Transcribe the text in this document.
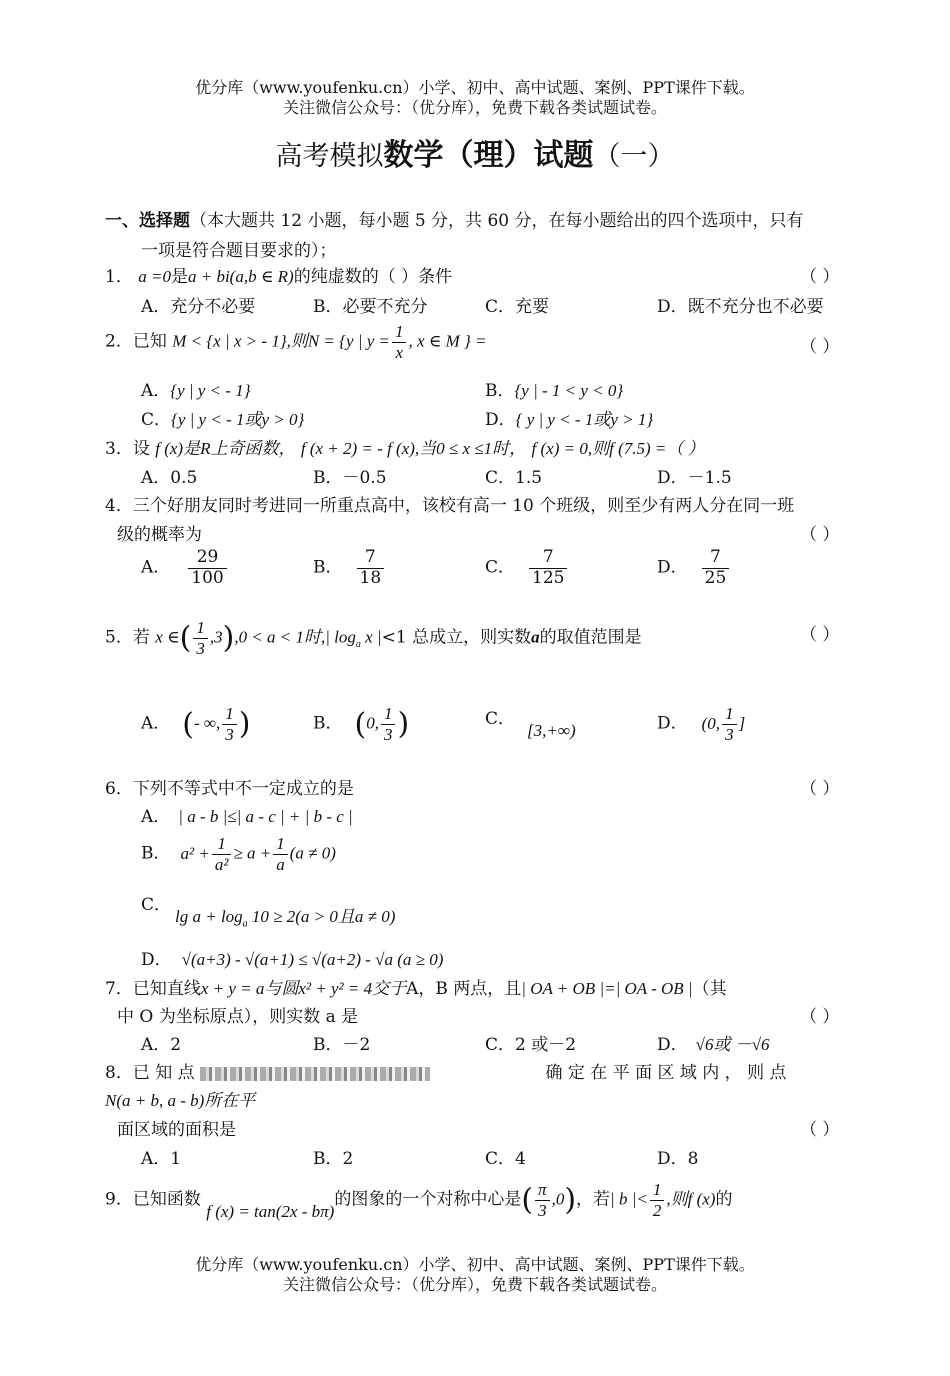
优分库（www.youfenku.cn）小学、初中、高中试题、案例、PPT课件下载。
关注微信公众号：（优分库），免费下载各类试题试卷。
高考模拟数学（理）试题（一）
一、选择题（本大题共 12 小题，每小题 5 分，共 60 分，在每小题给出的四个选项中，只有
一项是符合题目要求的）；
1． a =0是a + bi(a,b ∈ R)的纯虚数的（ ）条件	（ ）
A．充分不必要	B．必要不充分	C．充要	D．既不充分也不必要
2．已知 M < {x | x > - 1},则N = {y | $y = \frac{1}{x}$ , x ∈ M } =	（ ）
A．{y | y < - 1}	B．{y | - 1 < y < 0}
C．{y | y < - 1或y > 0}	D．{ y | y < - 1或y > 1}
3．设 f (x)是R上奇函数， f (x + 2) = - f (x),当0 ≤ x ≤1时， f (x) = 0,则f (7.5) =（ ）
A．0.5	B．－0.5	C．1.5	D．－1.5
4．三个好朋友同时考进同一所重点高中，该校有高一 10 个班级，则至少有两人分在同一班
级的概率为	（ ）
A． $\frac{29}{100}$	B． $\frac{7}{18}$	C． $\frac{7}{125}$	D． $\frac{7}{25}$
5．若 x ∈( $\frac{1}{3} ,3),0 < a < 1$时,| $\log_a x$ |<1 总成立，则实数a的取值范围是	（ ）
A． (- ∞, $\frac{1}{3}$ )	B． (0, $\frac{1}{3}$ )	C．[3,+∞)	D． (0, $\frac{1}{3}$ ]
6．下列不等式中不一定成立的是	（ ）
A． | a - b |≤| a - c | + | b - c |
B． $a^2 + \frac{1}{\text{a²}} \ge a + \frac{1}{a} (a \ne 0)$
C．
$\lg a + \log_a 10 \ge 2(a > 0$且a ≠ 0)
D． √(a+3) - √(a+1) ≤ √(a+2) - √a (a ≥ 0)
7．已知直线x + y = a与圆x² + y² = 4交于A，B 两点，且| OA + OB |=| OA - OB |（其
中 O 为坐标原点），则实数 a 是	（ ）
A．2	B．－2	C．2 或－2	D． √6或 －√6
8．已 知 点	确 定 在 平 面 区 域 内 ， 则 点
N(a + b, a - b)所在平
面区域的面积是	（ ）
A．1	B．2	C．4	D．8
9．已知函数 f (x) = tan(2x - bπ)的图象的一个对称中心是( $\frac{\pi}{3} ,0$)，若| b |< $\frac{1}{2}$ ,则f (x)的
优分库（www.youfenku.cn）小学、初中、高中试题、案例、PPT课件下载。
关注微信公众号：（优分库），免费下载各类试题试卷。
